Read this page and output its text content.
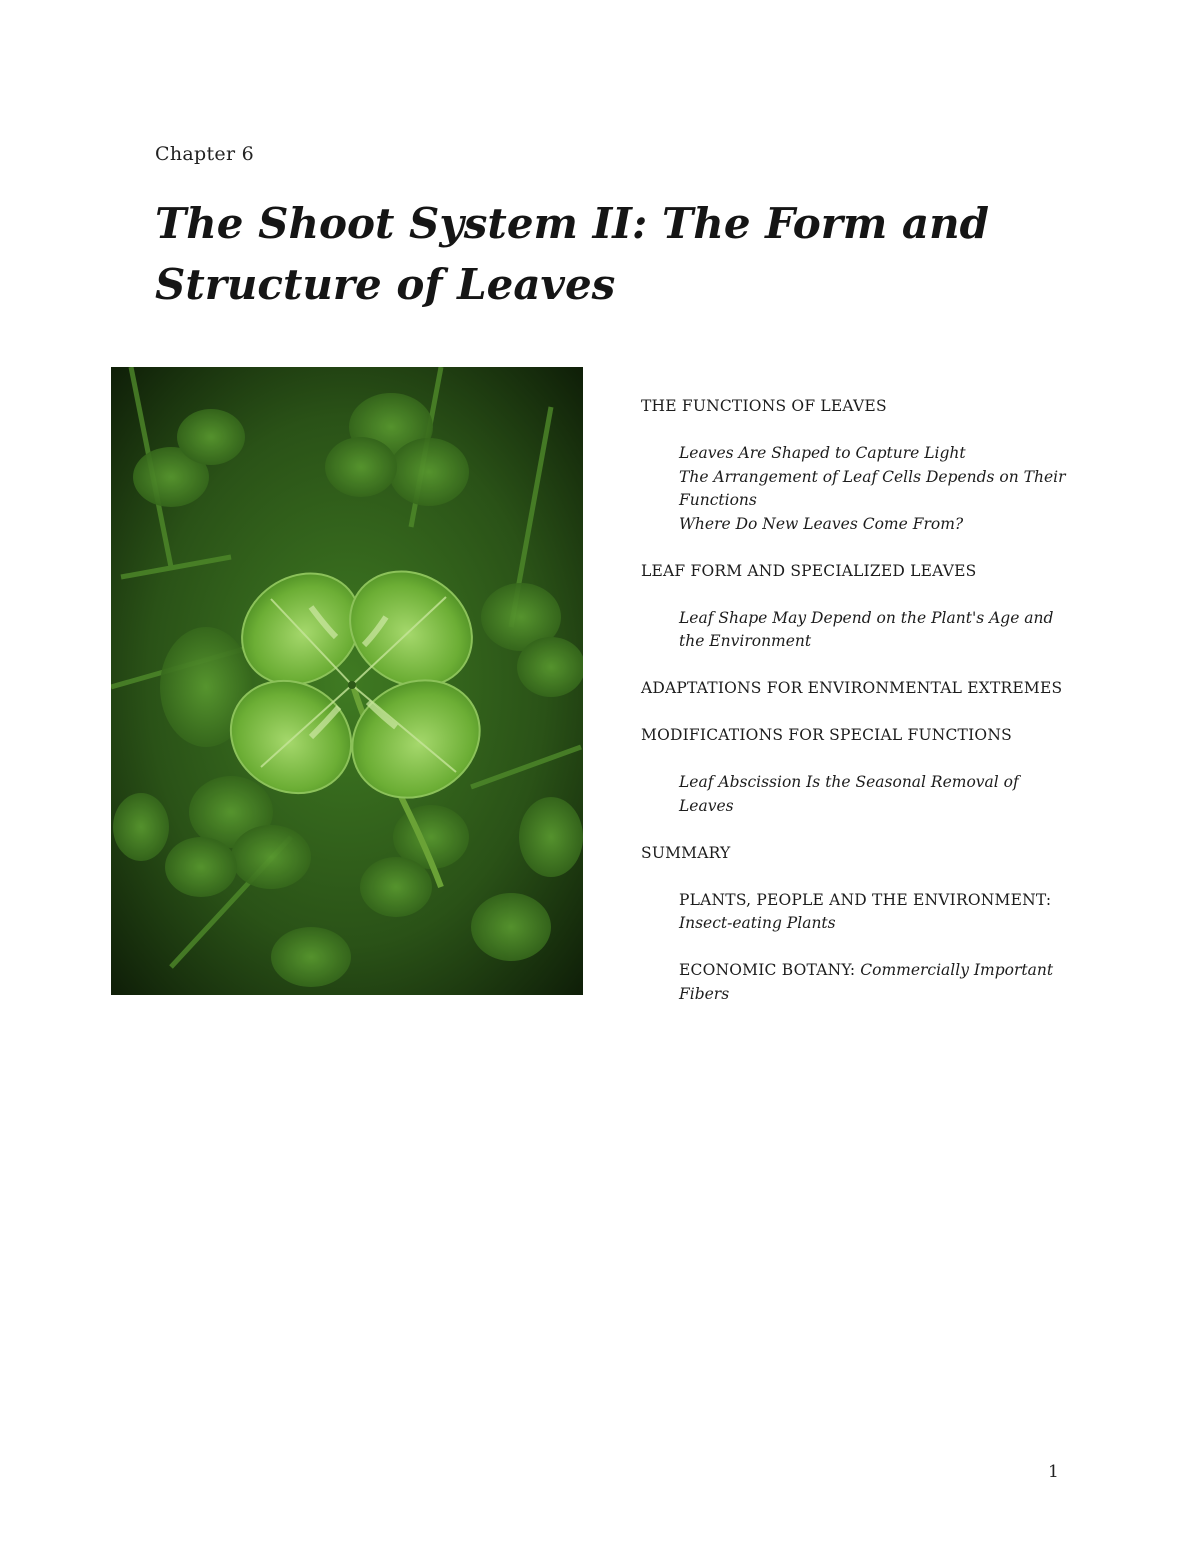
Chapter 6
The Shoot System II: The Form and Structure of Leaves
THE FUNCTIONS OF LEAVES
Leaves Are Shaped to Capture Light
The Arrangement of Leaf Cells Depends on Their Functions
Where Do New Leaves Come From?
LEAF FORM AND SPECIALIZED LEAVES
Leaf Shape May Depend on the Plant's Age and the Environment
ADAPTATIONS FOR ENVIRONMENTAL EXTREMES
MODIFICATIONS FOR SPECIAL FUNCTIONS
Leaf Abscission Is the Seasonal Removal of Leaves
SUMMARY
PLANTS, PEOPLE AND THE ENVIRONMENT: Insect-eating Plants
ECONOMIC BOTANY: Commercially Important Fibers
1
